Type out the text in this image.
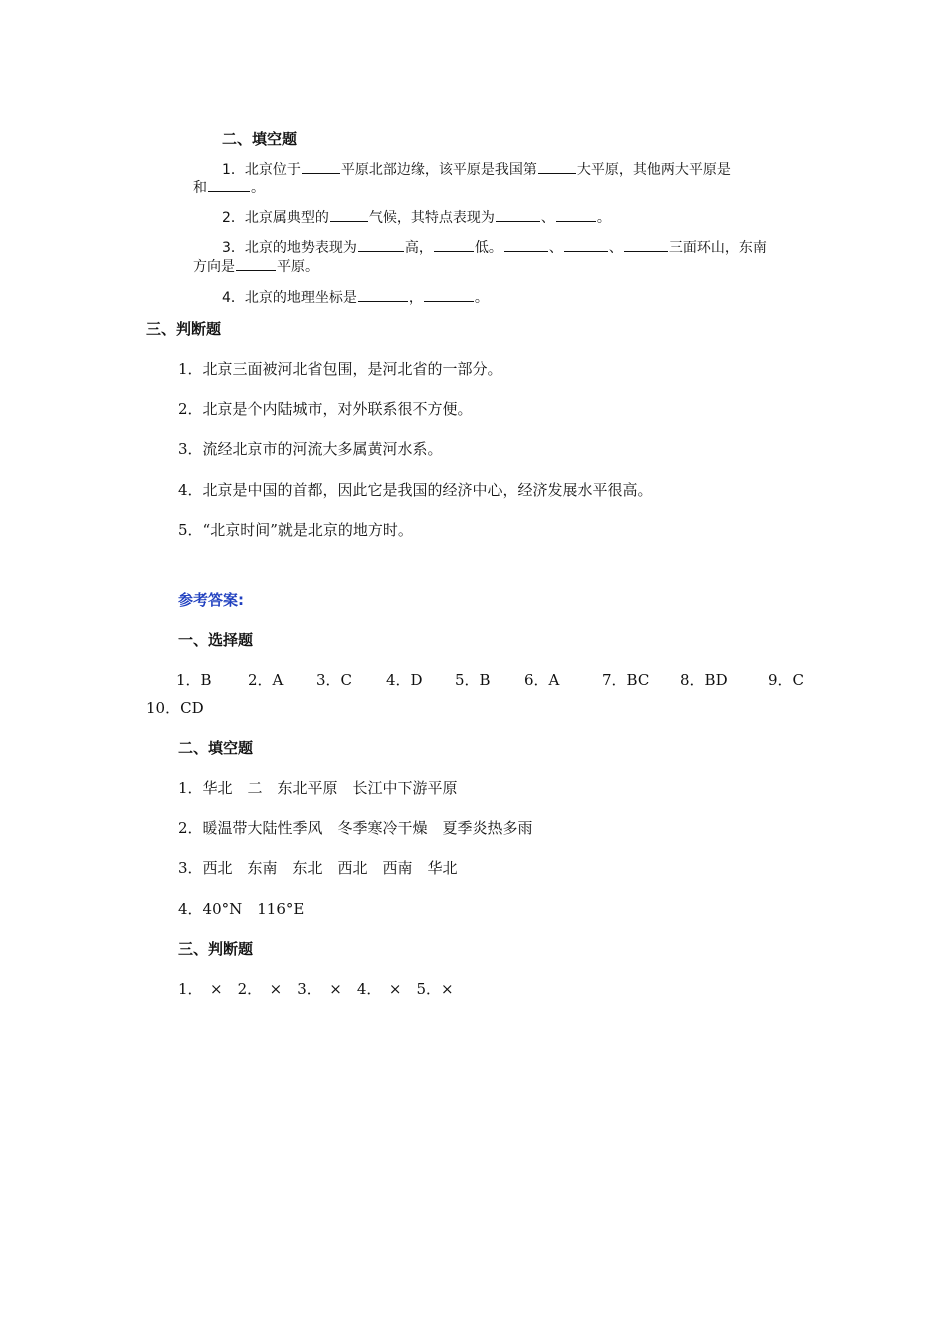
二、填空题
1．北京位于	平原北部边缘，该平原是我国第	大平原，其他两大平原是
和	。
2．北京属典型的	气候，其特点表现为	、	。
3．北京的地势表现为	高，	低。	、	、	三面环山，东南
方向是	平原。
4．北京的地理坐标是	，	。
三、判断题
1．北京三面被河北省包围，是河北省的一部分。
2．北京是个内陆城市，对外联系很不方便。
3．流经北京市的河流大多属黄河水系。
4．北京是中国的首都，因此它是我国的经济中心，经济发展水平很高。
5．“北京时间”就是北京的地方时。
参考答案:
一、选择题
1．B 2．A 3．C 4．D 5．B 6．A	7．BC 8．BD	9．C
10．CD
二、填空题
1．华北　二　东北平原　长江中下游平原
2．暖温带大陆性季风　冬季寒冷干燥　夏季炎热多雨
3．西北　东南　东北　西北　西南　华北
4．40°N　116°E
三、判断题
1．　×　2．　×　3．　×　4．　×　5．×
